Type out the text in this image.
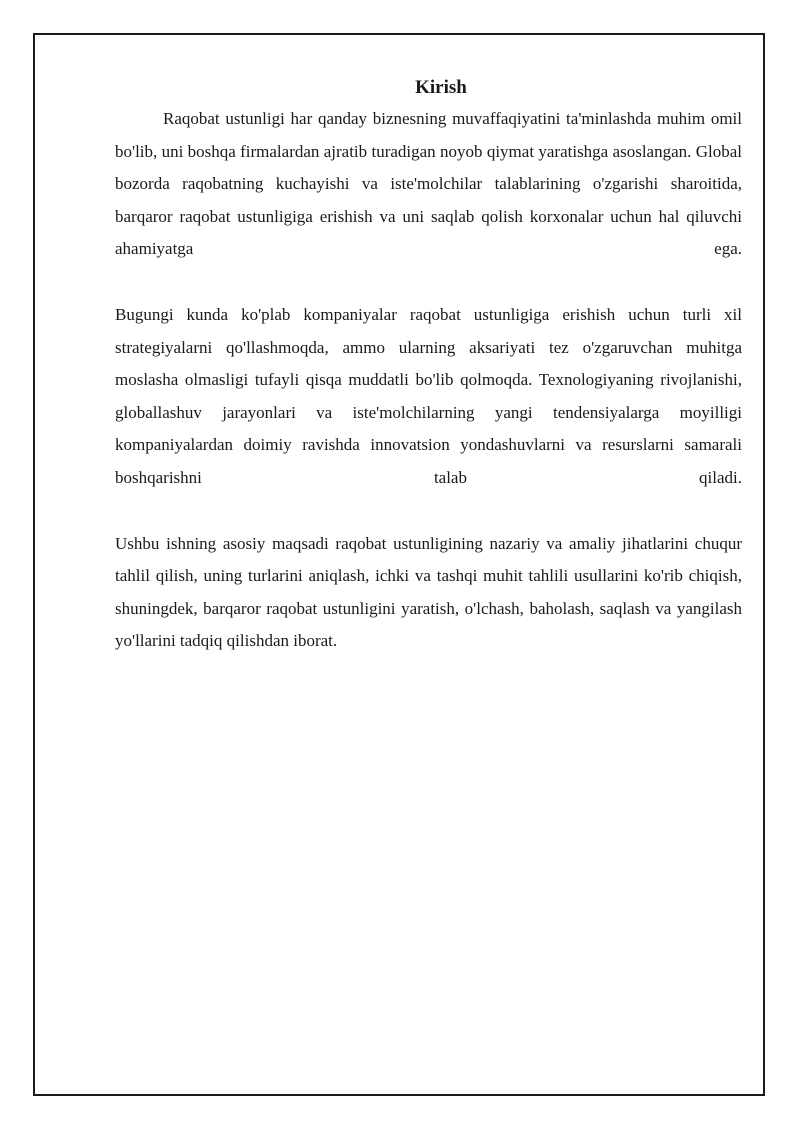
Kirish

Raqobat ustunligi har qanday biznesning muvaffaqiyatini ta'minlashda muhim omil bo'lib, uni boshqa firmalardan ajratib turadigan noyob qiymat yaratishga asoslangan. Global bozorda raqobatning kuchayishi va iste'molchilar talablarining o'zgarishi sharoitida, barqaror raqobat ustunligiga erishish va uni saqlab qolish korxonalar uchun hal qiluvchi ahamiyatga ega.

Bugungi kunda ko'plab kompaniyalar raqobat ustunligiga erishish uchun turli xil strategiyalarni qo'llashmoqda, ammo ularning aksariyati tez o'zgaruvchan muhitga moslasha olmasligi tufayli qisqa muddatli bo'lib qolmoqda. Texnologiyaning rivojlanishi, globallashuv jarayonlari va iste'molchilarning yangi tendensiyalarga moyilligi kompaniyalardan doimiy ravishda innovatsion yondashuvlarni va resurslarni samarali boshqarishni talab qiladi.

Ushbu ishning asosiy maqsadi raqobat ustunligining nazariy va amaliy jihatlarini chuqur tahlil qilish, uning turlarini aniqlash, ichki va tashqi muhit tahlili usullarini ko'rib chiqish, shuningdek, barqaror raqobat ustunligini yaratish, o'lchash, baholash, saqlash va yangilash yo'llarini tadqiq qilishdan iborat.
